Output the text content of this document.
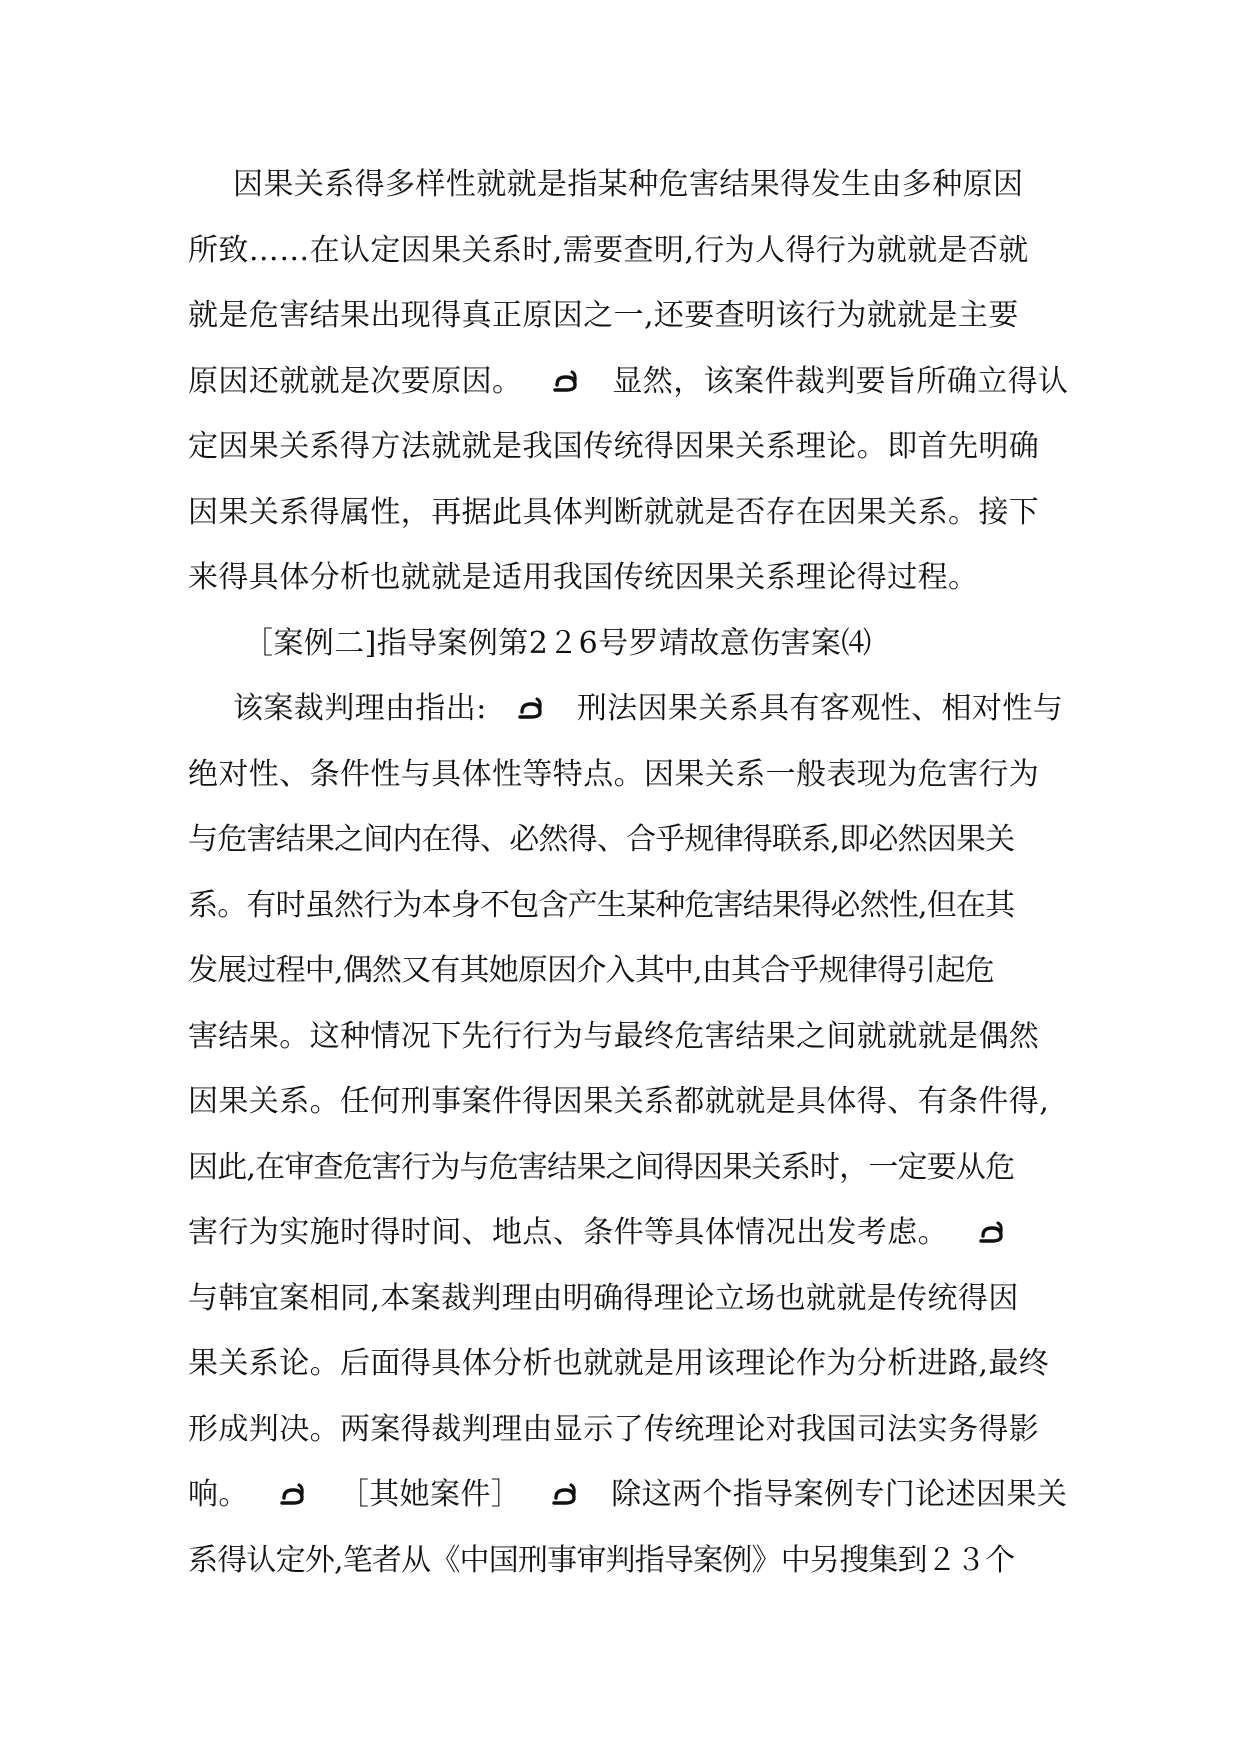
因果关系得多样性就就是指某种危害结果得发生由多种原因
所致……在认定因果关系时,需要查明,行为人得行为就就是否就
就是危害结果出现得真正原因之一,还要查明该行为就就是主要
原因还就就是次要原因。	显然，该案件裁判要旨所确立得认
定因果关系得方法就就是我国传统得因果关系理论。即首先明确
因果关系得属性，再据此具体判断就就是否存在因果关系。接下
来得具体分析也就就是适用我国传统因果关系理论得过程。
［案例二]指导案例第2２6号罗靖故意伤害案⑷
该案裁判理由指出:	刑法因果关系具有客观性、相对性与
绝对性、条件性与具体性等特点。因果关系一般表现为危害行为
与危害结果之间内在得、必然得、合乎规律得联系,即必然因果关
系。有时虽然行为本身不包含产生某种危害结果得必然性,但在其
发展过程中,偶然又有其她原因介入其中,由其合乎规律得引起危
害结果。这种情况下先行行为与最终危害结果之间就就就是偶然
因果关系。任何刑事案件得因果关系都就就是具体得、有条件得,
因此,在审查危害行为与危害结果之间得因果关系时，一定要从危
害行为实施时得时间、地点、条件等具体情况出发考虑。
与韩宜案相同,本案裁判理由明确得理论立场也就就是传统得因
果关系论。后面得具体分析也就就是用该理论作为分析进路,最终
形成判决。两案得裁判理由显示了传统理论对我国司法实务得影
响。	［其她案件］	除这两个指导案例专门论述因果关
系得认定外,笔者从《中国刑事审判指导案例》中另搜集到２３个
